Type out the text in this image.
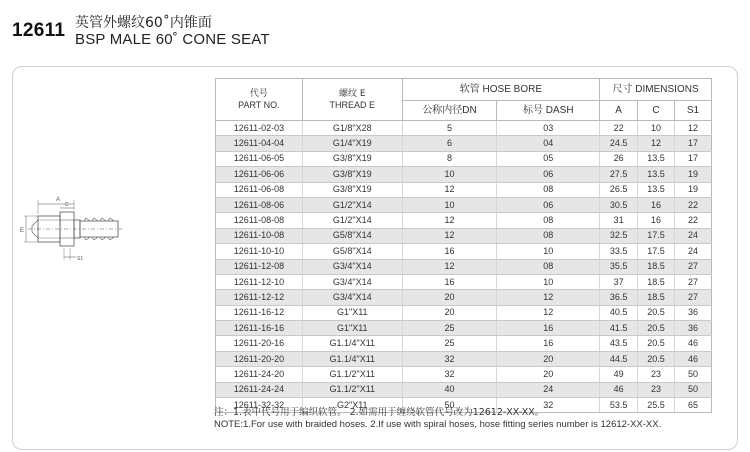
12611 英管外螺纹60˚内锥面
BSP MALE 60˚ CONE SEAT
A
C
E
S1
代号
PART NO.	螺纹 E
THREAD E	软管 HOSE BORE		尺寸 DIMENSIONS		
		公称内径DN	标号 DASH	A	C	S1
12611-02-03	G1/8"X28	5	03	22	10	12
12611-04-04	G1/4"X19	6	04	24.5	12	17
12611-06-05	G3/8"X19	8	05	26	13.5	17
12611-06-06	G3/8"X19	10	06	27.5	13.5	19
12611-06-08	G3/8"X19	12	08	26.5	13.5	19
12611-08-06	G1/2"X14	10	06	30.5	16	22
12611-08-08	G1/2"X14	12	08	31	16	22
12611-10-08	G5/8"X14	12	08	32.5	17.5	24
12611-10-10	G5/8"X14	16	10	33.5	17.5	24
12611-12-08	G3/4"X14	12	08	35.5	18.5	27
12611-12-10	G3/4"X14	16	10	37	18.5	27
12611-12-12	G3/4"X14	20	12	36.5	18.5	27
12611-16-12	G1"X11	20	12	40.5	20.5	36
12611-16-16	G1"X11	25	16	41.5	20.5	36
12611-20-16	G1.1/4"X11	25	16	43.5	20.5	46
12611-20-20	G1.1/4"X11	32	20	44.5	20.5	46
12611-24-20	G1.1/2"X11	32	20	49	23	50
12611-24-24	G1.1/2"X11	40	24	46	23	50
12611-32-32	G2"X11	50	32	53.5	25.5	65
注：1.表中代号用于编织软管。 2.如需用于缠绕软管代号改为12612-XX-XX。
NOTE:1.For use with braided hoses. 2.If use with spiral hoses, hose fitting series number is 12612-XX-XX.
